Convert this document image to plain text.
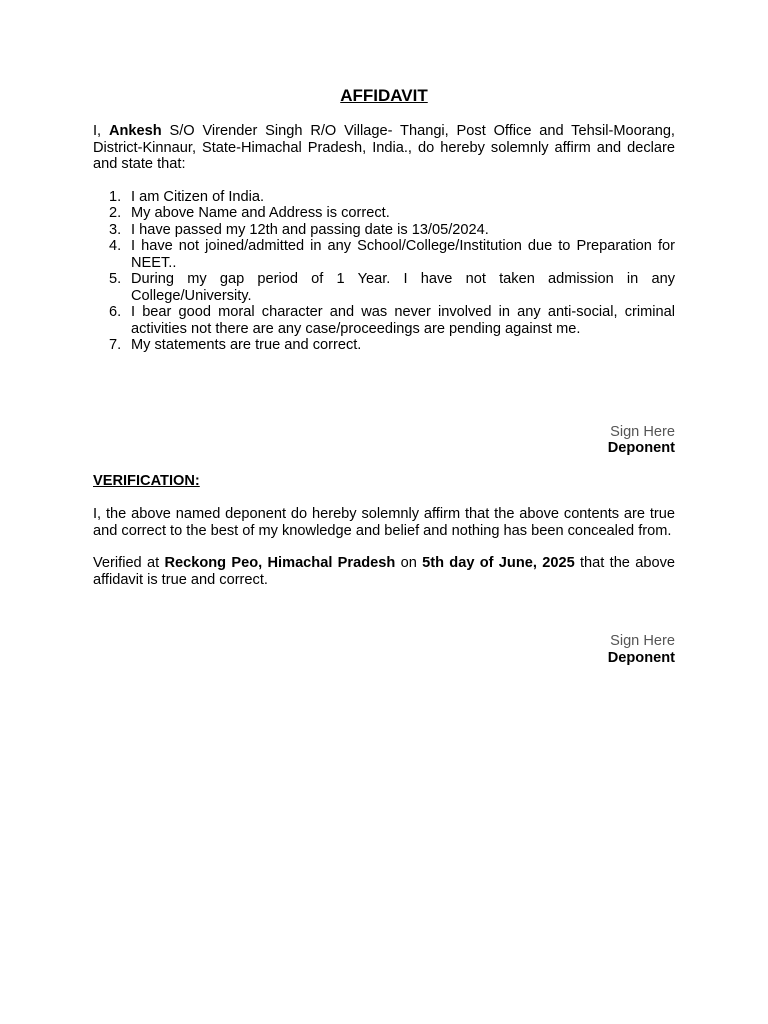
AFFIDAVIT

I, Ankesh S/O Virender Singh R/O Village- Thangi, Post Office and Tehsil-Moorang, District-Kinnaur, State-Himachal Pradesh, India., do hereby solemnly affirm and declare and state that:

1. I am Citizen of India.
2. My above Name and Address is correct.
3. I have passed my 12th and passing date is 13/05/2024.
4. I have not joined/admitted in any School/College/Institution due to Preparation for NEET..
5. During my gap period of 1 Year. I have not taken admission in any College/University.
6. I bear good moral character and was never involved in any anti-social, criminal activities not there are any case/proceedings are pending against me.
7. My statements are true and correct.
Sign Here
Deponent
VERIFICATION:

I, the above named deponent do hereby solemnly affirm that the above contents are true and correct to the best of my knowledge and belief and nothing has been concealed from.

Verified at Reckong Peo, Himachal Pradesh on 5th day of June, 2025 that the above affidavit is true and correct.

Sign Here
Deponent
